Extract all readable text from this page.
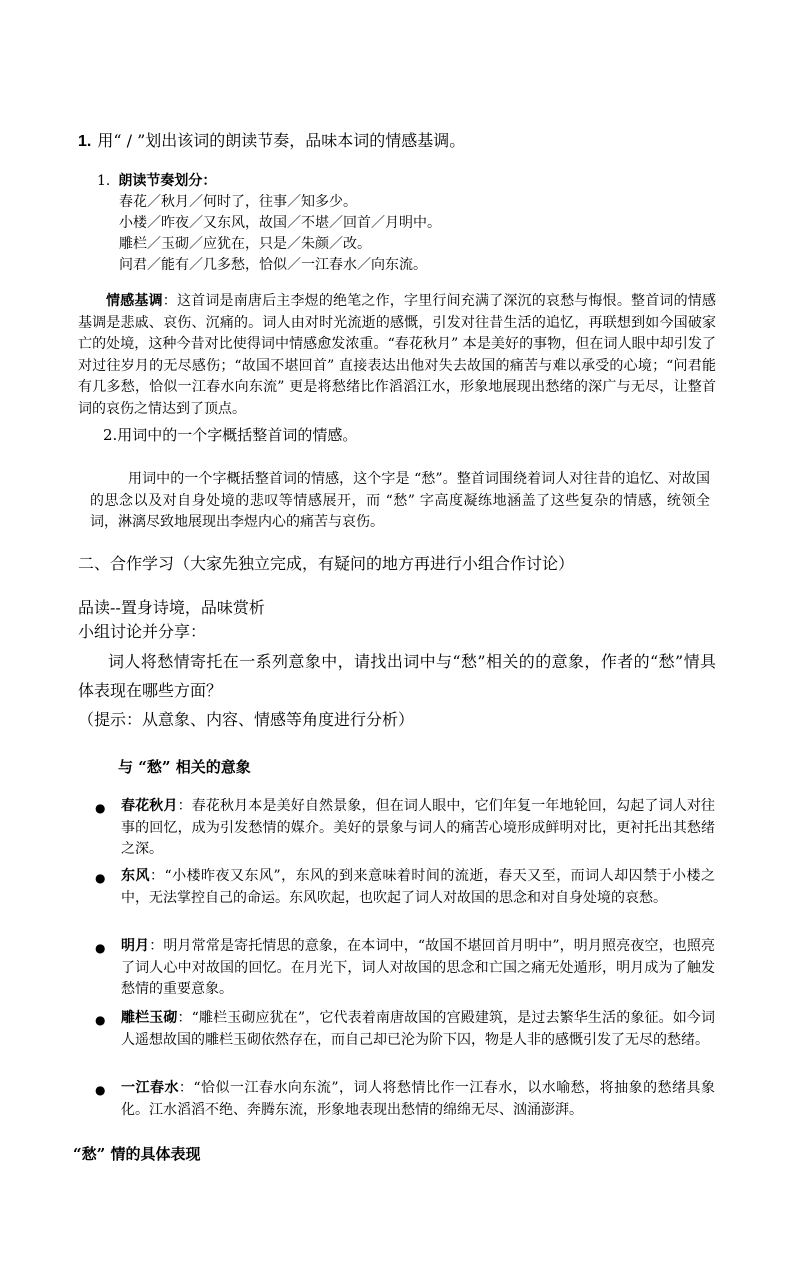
1. 用“ / ”划出该词的朗读节奏，品味本词的情感基调。
1. 朗读节奏划分：
春花／秋月／何时了，往事／知多少。
小楼／昨夜／又东风，故国／不堪／回首／月明中。
雕栏／玉砌／应犹在，只是／朱颜／改。
问君／能有／几多愁，恰似／一江春水／向东流。

情感基调：这首词是南唐后主李煜的绝笔之作，字里行间充满了深沉的哀愁与悔恨。整首词的情感基调是悲戚、哀伤、沉痛的。词人由对时光流逝的感慨，引发对往昔生活的追忆，再联想到如今国破家亡的处境，这种今昔对比使得词中情感愈发浓重。“春花秋月” 本是美好的事物，但在词人眼中却引发了对过往岁月的无尽感伤；“故国不堪回首” 直接表达出他对失去故国的痛苦与难以承受的心境；“问君能有几多愁，恰似一江春水向东流” 更是将愁绪比作滔滔江水，形象地展现出愁绪的深广与无尽，让整首词的哀伤之情达到了顶点。

2.用词中的一个字概括整首词的情感。

用词中的一个字概括整首词的情感，这个字是 “愁”。整首词围绕着词人对往昔的追忆、对故国的思念以及对自身处境的悲叹等情感展开，而 “愁” 字高度凝练地涵盖了这些复杂的情感，统领全词，淋漓尽致地展现出李煜内心的痛苦与哀伤。

二、合作学习（大家先独立完成，有疑问的地方再进行小组合作讨论）
品读--置身诗境，品味赏析
小组讨论并分享：

词人将愁情寄托在一系列意象中，请找出词中与“愁”相关的的意象，作者的“愁”情具体表现在哪些方面？

（提示：从意象、内容、情感等角度进行分析）
与 “愁” 相关的意象
● 春花秋月：春花秋月本是美好自然景象，但在词人眼中，它们年复一年地轮回，勾起了词人对往事的回忆，成为引发愁情的媒介。美好的景象与词人的痛苦心境形成鲜明对比，更衬托出其愁绪之深。
● 东风：“小楼昨夜又东风”，东风的到来意味着时间的流逝，春天又至，而词人却囚禁于小楼之中，无法掌控自己的命运。东风吹起，也吹起了词人对故国的思念和对自身处境的哀愁。
● 明月：明月常常是寄托情思的意象，在本词中，“故国不堪回首月明中”，明月照亮夜空，也照亮了词人心中对故国的回忆。在月光下，词人对故国的思念和亡国之痛无处遁形，明月成为了触发愁情的重要意象。
● 雕栏玉砌：“雕栏玉砌应犹在”，它代表着南唐故国的宫殿建筑，是过去繁华生活的象征。如今词人遥想故国的雕栏玉砌依然存在，而自己却已沦为阶下囚，物是人非的感慨引发了无尽的愁绪。
● 一江春水：“恰似一江春水向东流”，词人将愁情比作一江春水，以水喻愁，将抽象的愁绪具象化。江水滔滔不绝、奔腾东流，形象地表现出愁情的绵绵无尽、汹涌澎湃。
“愁” 情的具体表现
